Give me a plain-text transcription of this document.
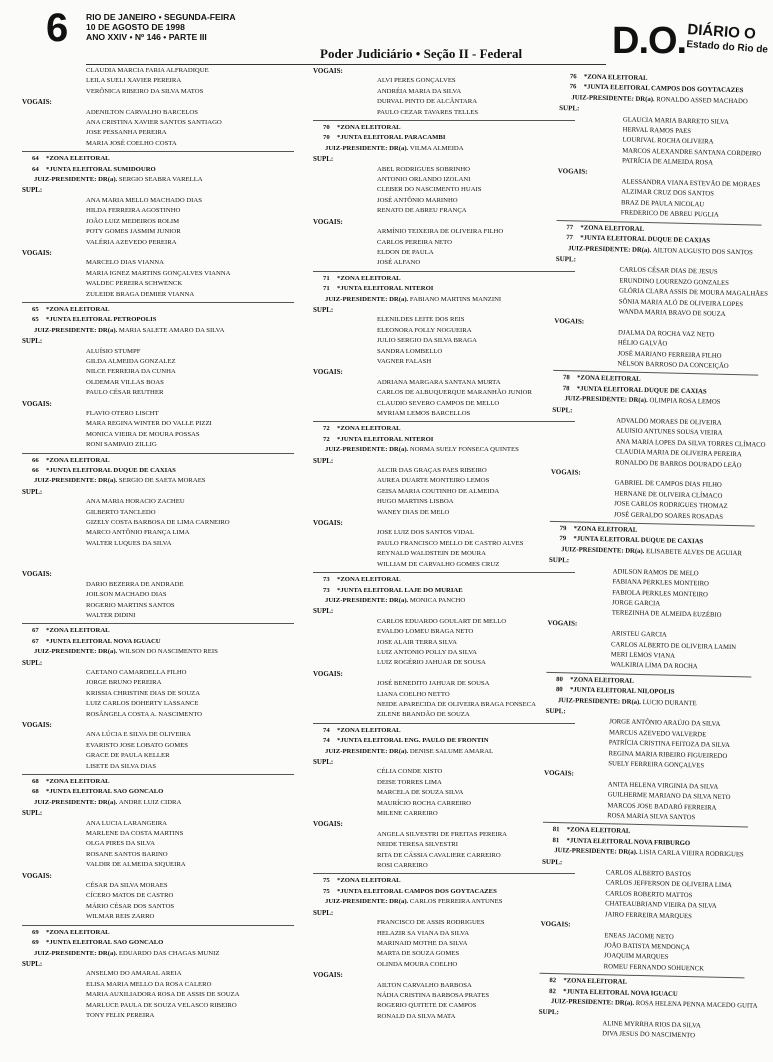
6 RIO DE JANEIRO • SEGUNDA-FEIRA
10 DE AGOSTO DE 1998
ANO XXIV • Nº 146 • PARTE III
Poder Judiciário • Seção II - Federal D.O. DIÁRIO O
Estado do Rio de
CLAUDIA MARCIA FARIA ALFRADIQUE
LEILA SUELI XAVIER PEREIRA
VERÔNICA RIBEIRO DA SILVA MATOS
VOGAIS:
ADENILTON CARVALHO BARCELOS
ANA CRISTINA XAVIER SANTOS SANTIAGO
JOSE PESSANHA PEREIRA
MARIA JOSÉ COELHO COSTA
64 *ZONA ELEITORAL
64 *JUNTA ELEITORAL SUMIDOURO
JUIZ-PRESIDENTE: DR(a). SERGIO SEABRA VARELLA
SUPL:
ANA MARIA MELLO MACHADO DIAS
HILDA FERREIRA AGOSTINHO
JOÃO LUIZ MEDEIROS ROLIM
POTY GOMES JASMIM JUNIOR
VALÉRIA AZEVEDO PEREIRA
VOGAIS:
MARCELO DIAS VIANNA
MARIA IGNEZ MARTINS GONÇALVES VIANNA
WALDEC PEREIRA SCHWENCK
ZULEIDE BRAGA DEMIER VIANNA
65 *ZONA ELEITORAL
65 *JUNTA ELEITORAL PETROPOLIS
JUIZ-PRESIDENTE: DR(a). MARIA SALETE AMARO DA SILVA
SUPL:
ALUÍSIO STUMPF
GILDA ALMEIDA GONZALEZ
NILCE FERREIRA DA CUNHA
OLDEMAR VILLAS BOAS
PAULO CÉSAR REUTHER
VOGAIS:
FLAVIO OTERO LISCHT
MARA REGINA WINTER DO VALLE PIZZI
MONICA VIEIRA DE MOURA POSSAS
RONI SAMPAIO ZILLIG
66 *ZONA ELEITORAL
66 *JUNTA ELEITORAL DUQUE DE CAXIAS
JUIZ-PRESIDENTE: DR(a). SERGIO DE SAETA MORAES
SUPL:
ANA MARIA HORACIO ZACHEU
GILBERTO TANCLEDO
GIZELY COSTA BARBOSA DE LIMA CARNEIRO
MARCO ANTÔNIO FRANÇA LIMA
WALTER LUQUES DA SILVA
VOGAIS:
DARIO BEZERRA DE ANDRADE
JOILSON MACHADO DIAS
ROGERIO MARTINS SANTOS
WALTER DIDINI
67 *ZONA ELEITORAL
67 *JUNTA ELEITORAL NOVA IGUACU
JUIZ-PRESIDENTE: DR(a). WILSON DO NASCIMENTO REIS
SUPL:
CAETANO CAMARDELLA FILHO
JORGE BRUNO PEREIRA
KRISSIA CHRISTINE DIAS DE SOUZA
LUIZ CARLOS DOHERTY LASSANCE
ROSÂNGELA COSTA A. NASCIMENTO
VOGAIS:
ANA LÚCIA E SILVA DE OLIVEIRA
EVARISTO JOSE LOBATO GOMES
GRACE DE PAULA KELLER
LISETE DA SILVA DIAS
68 *ZONA ELEITORAL
68 *JUNTA ELEITORAL SAO GONCALO
JUIZ-PRESIDENTE: DR(a). ANDRE LUIZ CIDRA
SUPL:
ANA LUCIA LARANGEIRA
MARLENE DA COSTA MARTINS
OLGA PIRES DA SILVA
ROSANE SANTOS BARINO
VALDIR DE ALMEIDA SIQUEIRA
VOGAIS:
CÉSAR DA SILVA MORAES
CÍCERO MATOS DE CASTRO
MÁRIO CÉSAR DOS SANTOS
WILMAR REIS ZARRO
69 *ZONA ELEITORAL
69 *JUNTA ELEITORAL SAO GONCALO
JUIZ-PRESIDENTE: DR(a). EDUARDO DAS CHAGAS MUNIZ
SUPL:
ANSELMO DO AMARAL AREIA
ELISA MARIA MELLO DA ROSA CALERO
MARIA AUXILIADORA ROSA DE ASSIS DE SOUZA
MARLUCE PAULA DE SOUZA VELASCO RIBEIRO
TONY FELIX PEREIRA
VOGAIS:
ALVI PERES GONÇALVES
ANDRÉIA MARIA DA SILVA
DURVAL PINTO DE ALCÂNTARA
PAULO CEZAR TAVARES TELLES
70 *ZONA ELEITORAL
70 *JUNTA ELEITORAL PARACAMBI
JUIZ-PRESIDENTE: DR(a). VILMA ALMEIDA
SUPL:
ABEL RODRIGUES SOBRINHO
ANTONIO ORLANDO IZOLANI
CLEBER DO NASCIMENTO HUAIS
JOSÉ ANTÔNIO MARINHO
RENATO DE ABREU FRANÇA
VOGAIS:
ARMÍNIO TEIXEIRA DE OLIVEIRA FILHO
CARLOS PEREIRA NETO
ELDON DE PAULA
JOSÉ ALFANO
71 *ZONA ELEITORAL
71 *JUNTA ELEITORAL NITEROI
JUIZ-PRESIDENTE: DR(a). FABIANO MARTINS MANZINI
SUPL:
ELENILDES LEITE DOS REIS
ELEONORA FOLLY NOGUEIRA
JULIO SERGIO DA SILVA BRAGA
SANDRA LOMBELLO
VAGNER FALASH
VOGAIS:
ADRIANA MARGARA SANTANA MURTA
CARLOS DE ALBUQUERQUE MARANHÃO JUNIOR
CLAUDIO SEVERO CAMPOS DE MELLO
MYRIAM LEMOS BARCELLOS
72 *ZONA ELEITORAL
72 *JUNTA ELEITORAL NITEROI
JUIZ-PRESIDENTE: DR(a). NORMA SUELY FONSECA QUINTES
SUPL:
ALCIR DAS GRAÇAS PAES RIBEIRO
AUREA DUARTE MONTEIRO LEMOS
GEISA MARIA COUTINHO DE ALMEIDA
HUGO MARTINS LISBOA
WANEY DIAS DE MELO
VOGAIS:
JOSE LUIZ DOS SANTOS VIDAL
PAULO FRANCISCO MELLO DE CASTRO ALVES
REYNALD WALDSTEIN DE MOURA
WILLIAM DE CARVALHO GOMES CRUZ
73 *ZONA ELEITORAL
73 *JUNTA ELEITORAL LAJE DO MURIAE
JUIZ-PRESIDENTE: DR(a). MONICA PANCHO
SUPL:
CARLOS EDUARDO GOULART DE MELLO
EVALDO LOMEU BRAGA NETO
JOSE ALAIR TERRA SILVA
LUIZ ANTONIO POLLY DA SILVA
LUIZ ROGÉRIO JAHUAR DE SOUSA
VOGAIS:
JOSÉ BENEDITO JAHUAR DE SOUSA
LIANA COELHO NETTO
NEIDE APARECIDA DE OLIVEIRA BRAGA FONSECA
ZILENE BRANDÃO DE SOUZA
74 *ZONA ELEITORAL
74 *JUNTA ELEITORAL ENG. PAULO DE FRONTIN
JUIZ-PRESIDENTE: DR(a). DENISE SALUME AMARAL
SUPL:
CÉLIA CONDE XISTO
DEISE TORRES LIMA
MARCELA DE SOUZA SILVA
MAURÍCIO ROCHA CARREIRO
MILENE CARREIRO
VOGAIS:
ANGELA SILVESTRI DE FREITAS PEREIRA
NEIDE TERESA SILVESTRI
RITA DE CÁSSIA CAVALIERE CARREIRO
ROSI CARREIRO
75 *ZONA ELEITORAL
75 *JUNTA ELEITORAL CAMPOS DOS GOYTACAZES
JUIZ-PRESIDENTE: DR(a). CARLOS FERREIRA ANTUNES
SUPL:
FRANCISCO DE ASSIS RODRIGUES
HELAZIR SA VIANA DA SILVA
MARINAID MOTHE DA SILVA
MARTA DE SOUZA GOMES
OLINDA MOURA COELHO
VOGAIS:
AILTON CARVALHO BARBOSA
NÁDIA CRISTINA BARBOSA PRATES
ROGERIO QUITETE DE CAMPOS
RONALD DA SILVA MATA
76 *ZONA ELEITORAL
76 *JUNTA ELEITORAL CAMPOS DOS GOYTACAZES
JUIZ-PRESIDENTE: DR(a). RONALDO ASSED MACHADO
SUPL:
GLAUCIA MARIA BARRETO SILVA
HERVAL RAMOS PAES
LOURIVAL ROCHA OLIVEIRA
MARCOS ALEXANDRE SANTANA CORDEIRO
PATRÍCIA DE ALMEIDA ROSA
VOGAIS:
ALESSANDRA VIANA ESTEVÃO DE MORAES
ALZIMAR CRUZ DOS SANTOS
BRAZ DE PAULA NICOLAU
FREDERICO DE ABREU PUGLIA
77 *ZONA ELEITORAL
77 *JUNTA ELEITORAL DUQUE DE CAXIAS
JUIZ-PRESIDENTE: DR(a). AILTON AUGUSTO DOS SANTOS
SUPL:
CARLOS CÉSAR DIAS DE JESUS
ERUNDINO LOURENZO GONZALES
GLÓRIA CLARA ASSIS DE MOURA MAGALHÃES
SÔNIA MARIA ALÓ DE OLIVEIRA LOPES
WANDA MARIA BRAVO DE SOUZA
VOGAIS:
DJALMA DA ROCHA VAZ NETO
HÉLIO GALVÃO
JOSÉ MARIANO FERREIRA FILHO
NÉLSON BARROSO DA CONCEIÇÃO
78 *ZONA ELEITORAL
78 *JUNTA ELEITORAL DUQUE DE CAXIAS
JUIZ-PRESIDENTE: DR(a). OLIMPIA ROSA LEMOS
SUPL:
ADVALDO MORAES DE OLIVEIRA
ALUISIO ANTUNES SOUSA VIEIRA
ANA MARIA LOPES DA SILVA TORRES CLÍMACO
CLAUDIA MARIA DE OLIVEIRA PEREIRA
RONALDO DE BARROS DOURADO LEÃO
VOGAIS:
GABRIEL DE CAMPOS DIAS FILHO
HERNANE DE OLIVEIRA CLÍMACO
JOSE CARLOS RODRIGUES THOMAZ
JOSÉ GERALDO SOARES ROSADAS
79 *ZONA ELEITORAL
79 *JUNTA ELEITORAL DUQUE DE CAXIAS
JUIZ-PRESIDENTE: DR(a). ELISABETE ALVES DE AGUIAR
SUPL:
ADILSON RAMOS DE MELO
FABIANA PERKLES MONTEIRO
FABIOLA PERKLES MONTEIRO
JORGE GARCIA
TEREZINHA DE ALMEIDA EUZÉBIO
VOGAIS:
ARISTEU GARCIA
CARLOS ALBERTO DE OLIVEIRA LAMIN
MERI LEMOS VIANA
WALKIRIA LIMA DA ROCHA
80 *ZONA ELEITORAL
80 *JUNTA ELEITORAL NILOPOLIS
JUIZ-PRESIDENTE: DR(a). LUCIO DURANTE
SUPL:
JORGE ANTÔNIO ARAÚJO DA SILVA
MARCUS AZEVEDO VALVERDE
PATRÍCIA CRISTINA FEITOZA DA SILVA
REGINA MARIA RIBEIRO FIGUEIREDO
SUELY FERREIRA GONÇALVES
VOGAIS:
ANITA HELENA VIRGINIA DA SILVA
GUILHERME MARIANO DA SILVA NETO
MARCOS JOSE BADARÓ FERREIRA
ROSA MARIA SILVA SANTOS
81 *ZONA ELEITORAL
81 *JUNTA ELEITORAL NOVA FRIBURGO
JUIZ-PRESIDENTE: DR(a). LISIA CARLA VIEIRA RODRIGUES
SUPL:
CARLOS ALBERTO BASTOS
CARLOS JEFFERSON DE OLIVEIRA LIMA
CARLOS ROBERTO MATTOS
CHATEAUBRIAND VIEIRA DA SILVA
JAIRO FERREIRA MARQUES
VOGAIS:
ENEAS JACOME NETO
JOÃO BATISTA MENDONÇA
JOAQUIM MARQUES
ROMEU FERNANDO SOHUENCK
82 *ZONA ELEITORAL
82 *JUNTA ELEITORAL NOVA IGUACU
JUIZ-PRESIDENTE: DR(a). ROSA HELENA PENNA MACEDO GUITA
SUPL:
ALINE MYRRHA RIOS DA SILVA
DIVA JESUS DO NASCIMENTO
